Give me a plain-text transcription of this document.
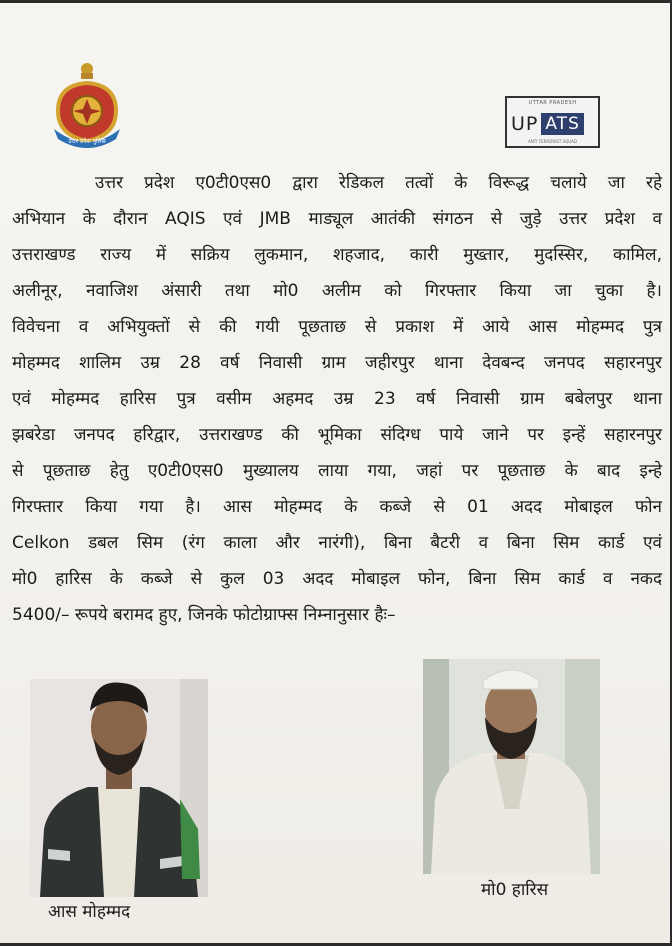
उत्तर प्रदेश पुलिस
UTTAR PRADESH
UP ATS
ANTI TERRORIST SQUAD
उत्तर प्रदेश ए0टी0एस0 द्वारा रेडिकल तत्वों के विरूद्ध चलाये जा रहे
अभियान के दौरान AQIS एवं JMB माड्यूल आतंकी संगठन से जुड़े उत्तर प्रदेश व
उत्तराखण्ड राज्य में सक्रिय लुकमान, शहजाद, कारी मुख्तार, मुदस्सिर, कामिल,
अलीनूर, नवाजिश अंसारी तथा मो0 अलीम को गिरफ्तार किया जा चुका है।
विवेचना व अभियुक्तों से की गयी पूछताछ से प्रकाश में आये आस मोहम्मद पुत्र
मोहम्मद शालिम उम्र 28 वर्ष निवासी ग्राम जहीरपुर थाना देवबन्द जनपद सहारनपुर
एवं मोहम्मद हारिस पुत्र वसीम अहमद उम्र 23 वर्ष निवासी ग्राम बबेलपुर थाना
झबरेडा जनपद हरिद्वार, उत्तराखण्ड की भूमिका संदिग्ध पाये जाने पर इन्हें सहारनपुर
से पूछताछ हेतु ए0टी0एस0 मुख्यालय लाया गया, जहां पर पूछताछ के बाद इन्हे
गिरफ्तार किया गया है। आस मोहम्मद के कब्जे से 01 अदद मोबाइल फोन
Celkon डबल सिम (रंग काला और नारंगी), बिना बैटरी व बिना सिम कार्ड एवं
मो0 हारिस के कब्जे से कुल 03 अदद मोबाइल फोन, बिना सिम कार्ड व नकद
5400/– रूपये बरामद हुए, जिनके फोटोग्राफ्स निम्नानुसार हैः–
आस मोहम्मद
मो0 हारिस
